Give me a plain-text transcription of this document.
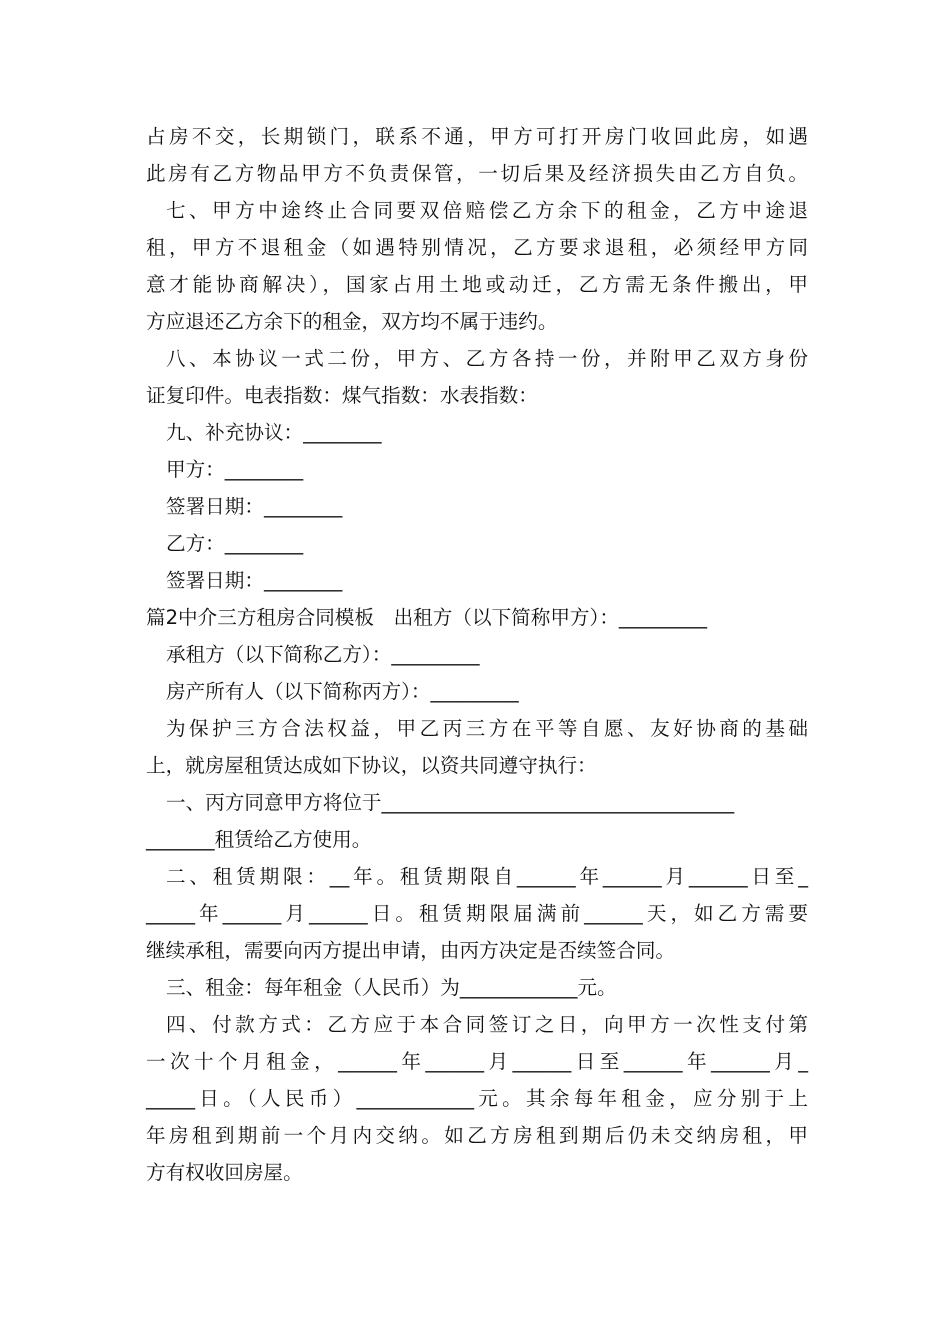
占房不交，长期锁门，联系不通，甲方可打开房门收回此房，如遇
此房有乙方物品甲方不负责保管，一切后果及经济损失由乙方自负。
七、甲方中途终止合同要双倍赔偿乙方余下的租金，乙方中途退
租，甲方不退租金（如遇特别情况，乙方要求退租，必须经甲方同
意才能协商解决），国家占用土地或动迁，乙方需无条件搬出，甲
方应退还乙方余下的租金，双方均不属于违约。
八、本协议一式二份，甲方、乙方各持一份，并附甲乙双方身份
证复印件。电表指数：煤气指数：水表指数：
九、补充协议：________
甲方：________
签署日期：________
乙方：________
签署日期：________
篇2中介三方租房合同模板　出租方（以下简称甲方）：_________
承租方（以下简称乙方）：_________
房产所有人（以下简称丙方）：_________
为保护三方合法权益，甲乙丙三方在平等自愿、友好协商的基础
上，就房屋租赁达成如下协议，以资共同遵守执行：
一、丙方同意甲方将位于____________________________________
_______租赁给乙方使用。
二、租赁期限：__年。租赁期限自______年______月______日至_
_____年______月______日。租赁期限届满前______天，如乙方需要
继续承租，需要向丙方提出申请，由丙方决定是否续签合同。
三、租金：每年租金（人民币）为____________元。
四、付款方式：乙方应于本合同签订之日，向甲方一次性支付第
一次十个月租金，______年______月______日至______年______月_
_____日。（人民币）____________元。其余每年租金，应分别于上
年房租到期前一个月内交纳。如乙方房租到期后仍未交纳房租，甲
方有权收回房屋。
